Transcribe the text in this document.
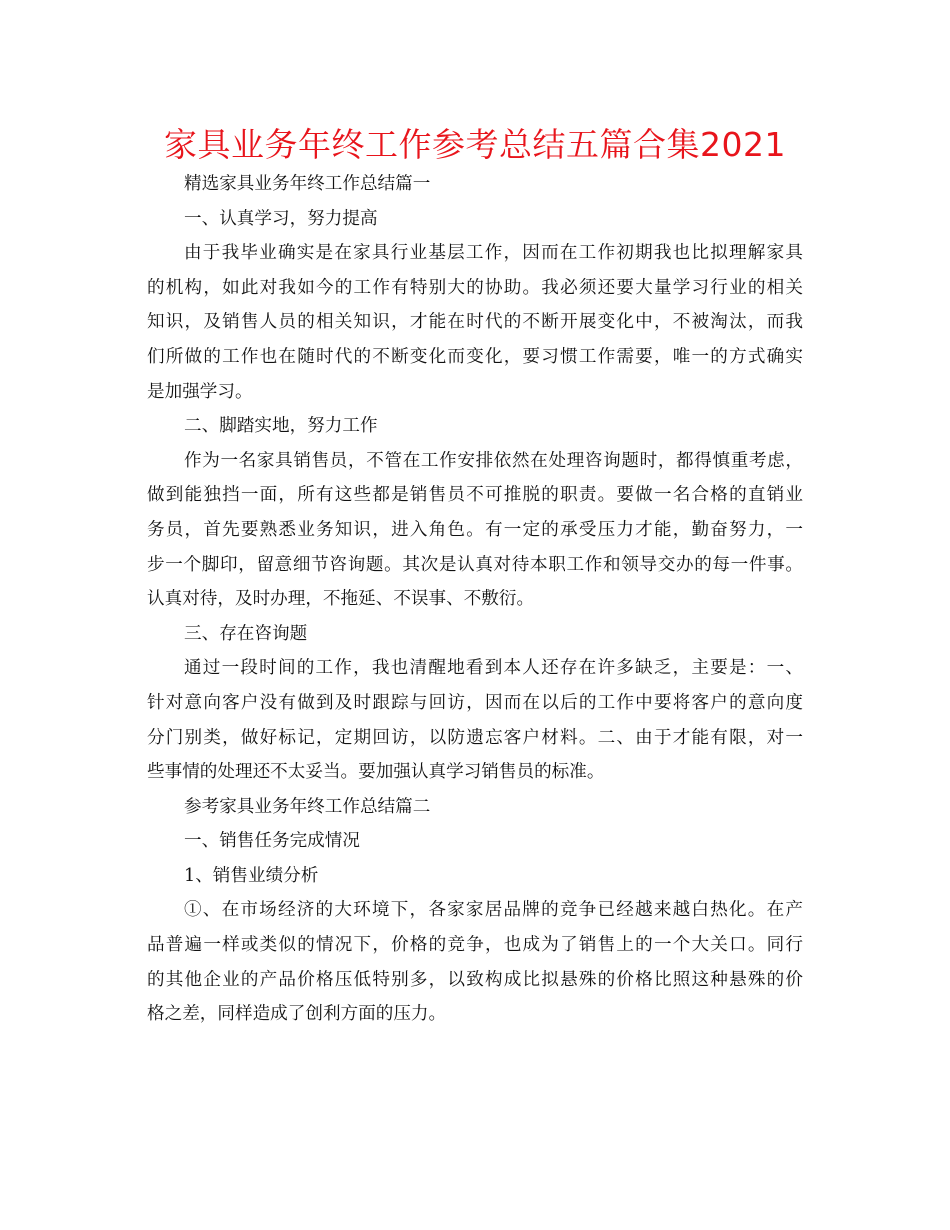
家具业务年终工作参考总结五篇合集2021

精选家具业务年终工作总结篇一

一、认真学习，努力提高

由于我毕业确实是在家具行业基层工作，因而在工作初期我也比拟理解家具

的机构，如此对我如今的工作有特别大的协助。我必须还要大量学习行业的相关

知识，及销售人员的相关知识，才能在时代的不断开展变化中，不被淘汰，而我

们所做的工作也在随时代的不断变化而变化，要习惯工作需要，唯一的方式确实

是加强学习。

二、脚踏实地，努力工作

作为一名家具销售员，不管在工作安排依然在处理咨询题时，都得慎重考虑，

做到能独挡一面，所有这些都是销售员不可推脱的职责。要做一名合格的直销业

务员，首先要熟悉业务知识，进入角色。有一定的承受压力才能，勤奋努力，一

步一个脚印，留意细节咨询题。其次是认真对待本职工作和领导交办的每一件事。

认真对待，及时办理，不拖延、不误事、不敷衍。

三、存在咨询题

通过一段时间的工作，我也清醒地看到本人还存在许多缺乏，主要是：一、

针对意向客户没有做到及时跟踪与回访，因而在以后的工作中要将客户的意向度

分门别类，做好标记，定期回访，以防遗忘客户材料。二、由于才能有限，对一

些事情的处理还不太妥当。要加强认真学习销售员的标准。

参考家具业务年终工作总结篇二

一、销售任务完成情况

1、销售业绩分析

①、在市场经济的大环境下，各家家居品牌的竞争已经越来越白热化。在产

品普遍一样或类似的情况下，价格的竞争，也成为了销售上的一个大关口。同行

的其他企业的产品价格压低特别多，以致构成比拟悬殊的价格比照这种悬殊的价

格之差，同样造成了创利方面的压力。
